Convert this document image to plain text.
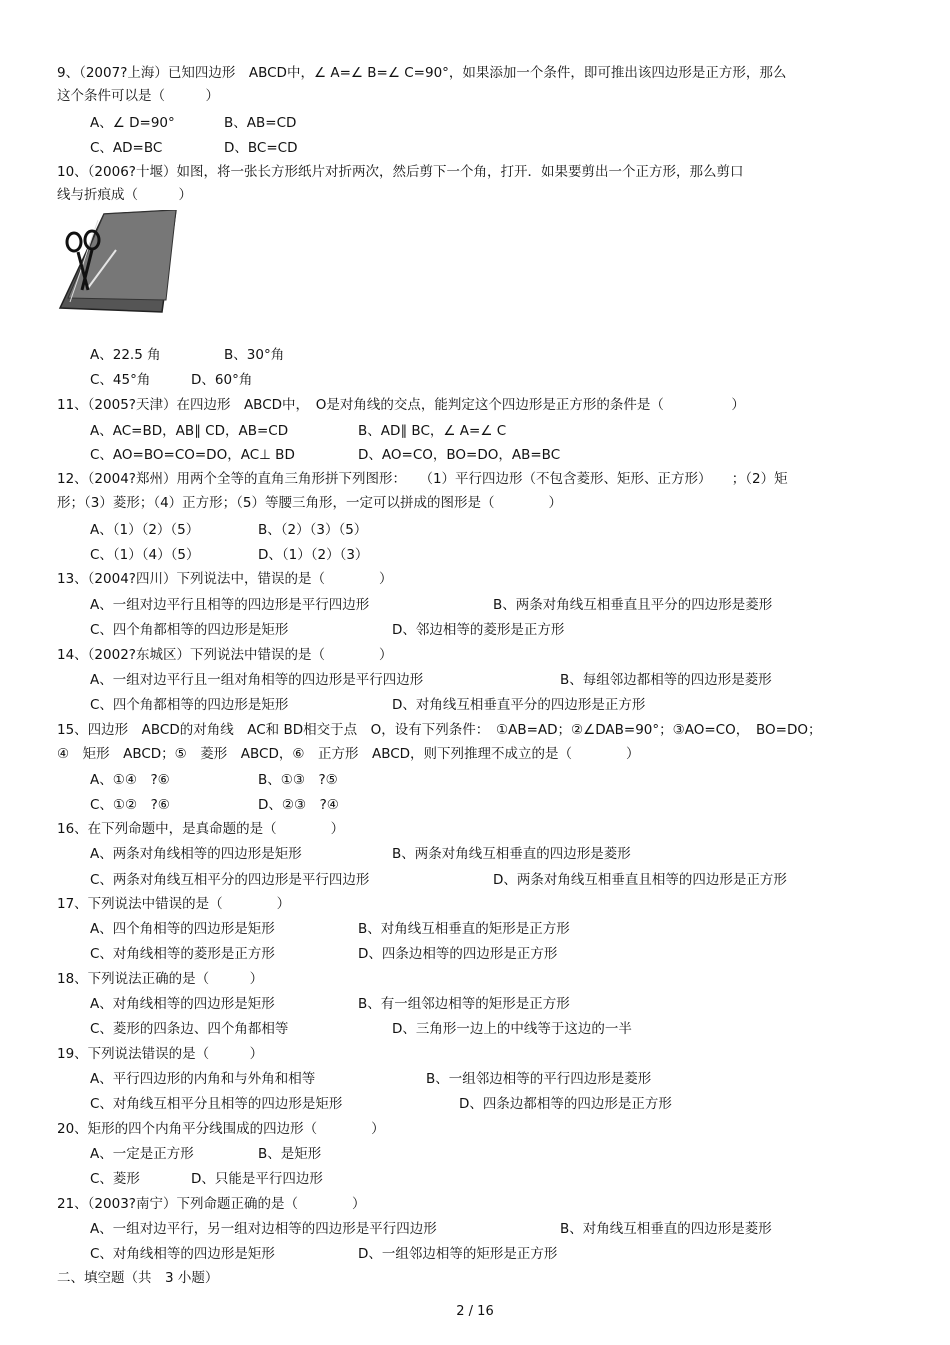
9、（2007?上海）已知四边形　ABCD中，∠ A=∠ B=∠ C=90°，如果添加一个条件，即可推出该四边形是正方形，那么
这个条件可以是（　　　）
A、∠ D=90°	B、AB=CD
C、AD=BC	D、BC=CD
10、（2006?十堰）如图，将一张长方形纸片对折两次，然后剪下一个角，打开．如果要剪出一个正方形，那么剪口
线与折痕成（　　　）
A、22.5 角	B、30°角
C、45°角	D、60°角
11、（2005?天津）在四边形　ABCD中，　O是对角线的交点，能判定这个四边形是正方形的条件是（　　　　　）
A、AC=BD，AB∥ CD，AB=CD	B、AD∥ BC，∠ A=∠ C
C、AO=BO=CO=DO，AC⊥ BD	D、AO=CO，BO=DO，AB=BC
12、（2004?郑州）用两个全等的直角三角形拼下列图形：　　（1）平行四边形（不包含菱形、矩形、正方形）　　；（2）矩
形；（3）菱形；（4）正方形；（5）等腰三角形，一定可以拼成的图形是（　　　　）
A、（1）（2）（5）	B、（2）（3）（5）
C、（1）（4）（5）	D、（1）（2）（3）
13、（2004?四川）下列说法中，错误的是（　　　　）
A、一组对边平行且相等的四边形是平行四边形	B、两条对角线互相垂直且平分的四边形是菱形
C、四个角都相等的四边形是矩形	D、邻边相等的菱形是正方形
14、（2002?东城区）下列说法中错误的是（　　　　）
A、一组对边平行且一组对角相等的四边形是平行四边形	B、每组邻边都相等的四边形是菱形
C、四个角都相等的四边形是矩形	D、对角线互相垂直平分的四边形是正方形
15、四边形　ABCD的对角线　AC和 BD相交于点　O，设有下列条件：　①AB=AD；②∠DAB=90°；③AO=CO，　BO=DO；
④　矩形　ABCD；⑤　菱形　ABCD，⑥　正方形　ABCD，则下列推理不成立的是（　　　　）
A、①④　?⑥	B、①③　?⑤
C、①②　?⑥	D、②③　?④
16、在下列命题中，是真命题的是（　　　　）
A、两条对角线相等的四边形是矩形	B、两条对角线互相垂直的四边形是菱形
C、两条对角线互相平分的四边形是平行四边形	D、两条对角线互相垂直且相等的四边形是正方形
17、下列说法中错误的是（　　　　）
A、四个角相等的四边形是矩形	B、对角线互相垂直的矩形是正方形
C、对角线相等的菱形是正方形	D、四条边相等的四边形是正方形
18、下列说法正确的是（　　　）
A、对角线相等的四边形是矩形	B、有一组邻边相等的矩形是正方形
C、菱形的四条边、四个角都相等	D、三角形一边上的中线等于这边的一半
19、下列说法错误的是（　　　）
A、平行四边形的内角和与外角和相等	B、一组邻边相等的平行四边形是菱形
C、对角线互相平分且相等的四边形是矩形	D、四条边都相等的四边形是正方形
20、矩形的四个内角平分线围成的四边形（　　　　）
A、一定是正方形	B、是矩形
C、菱形	D、只能是平行四边形
21、（2003?南宁）下列命题正确的是（　　　　）
A、一组对边平行，另一组对边相等的四边形是平行四边形	B、对角线互相垂直的四边形是菱形
C、对角线相等的四边形是矩形	D、一组邻边相等的矩形是正方形
二、填空题（共　3 小题）
2 / 16
